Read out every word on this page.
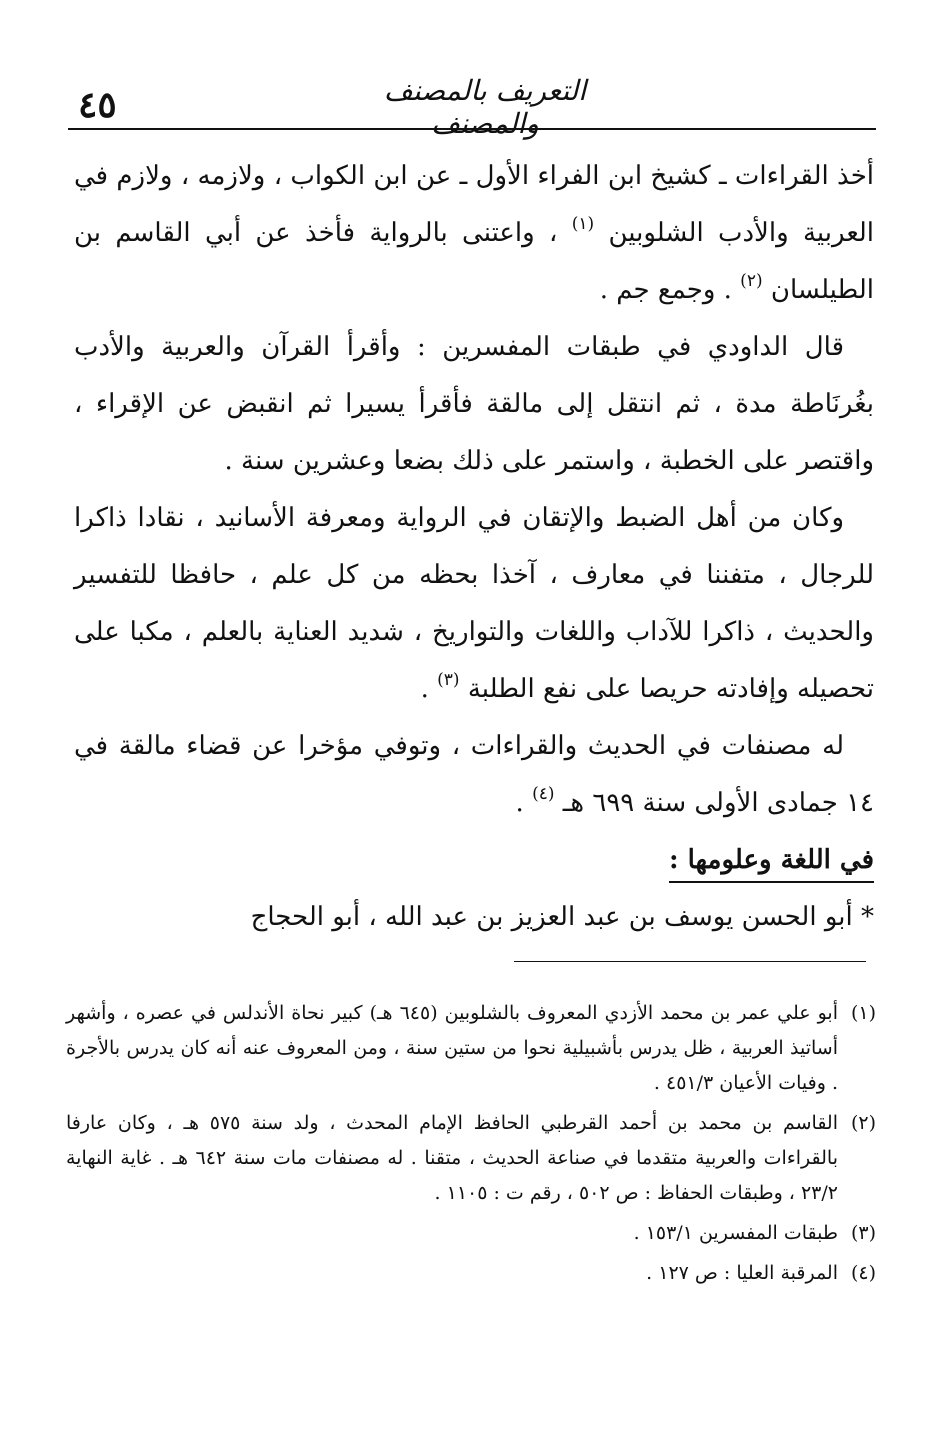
٤٥	التعريف بالمصنف والمصنف

أخذ القراءات ـ كشيخ ابن الفراء الأول ـ عن ابن الكواب ، ولازمه ، ولازم في العربية والأدب الشلوبين $^{(١)}$ ، واعتنى بالرواية فأخذ عن أبي القاسم بن الطيلسان $^{(٢)}$ . وجمع جم .

قال الداودي في طبقات المفسرين : وأقرأ القرآن والعربية والأدب بغُرنَاطة مدة ، ثم انتقل إلى مالقة فأقرأ يسيرا ثم انقبض عن الإقراء ، واقتصر على الخطبة ، واستمر على ذلك بضعا وعشرين سنة .

وكان من أهل الضبط والإتقان في الرواية ومعرفة الأسانيد ، نقادا ذاكرا للرجال ، متفننا في معارف ، آخذا بحظه من كل علم ، حافظا للتفسير والحديث ، ذاكرا للآداب واللغات والتواريخ ، شديد العناية بالعلم ، مكبا على تحصيله وإفادته حريصا على نفع الطلبة $^{(٣)}$ .

له مصنفات في الحديث والقراءات ، وتوفي مؤخرا عن قضاء مالقة في ١٤ جمادى الأولى سنة ٦٩٩ هـ $^{(٤)}$ .

في اللغة وعلومها :

* أبو الحسن يوسف بن عبد العزيز بن عبد الله ، أبو الحجاج

(١)
أبو علي عمر بن محمد الأزدي المعروف بالشلوبين (٦٤٥ هـ) كبير نحاة الأندلس في عصره ، وأشهر أساتيذ العربية ، ظل يدرس بأشبيلية نحوا من ستين سنة ، ومن المعروف عنه أنه كان يدرس بالأجرة . وفيات الأعيان ٤٥١/٣ .

(٢)
القاسم بن محمد بن أحمد القرطبي الحافظ الإمام المحدث ، ولد سنة ٥٧٥ هـ ، وكان عارفا بالقراءات والعربية متقدما في صناعة الحديث ، متقنا . له مصنفات مات سنة ٦٤٢ هـ . غاية النهاية ٢٣/٢ ، وطبقات الحفاظ : ص ٥٠٢ ، رقم ت : ١١٠٥ .

(٣)
طبقات المفسرين ١٥٣/١ .

(٤)
المرقبة العليا : ص ١٢٧ .
